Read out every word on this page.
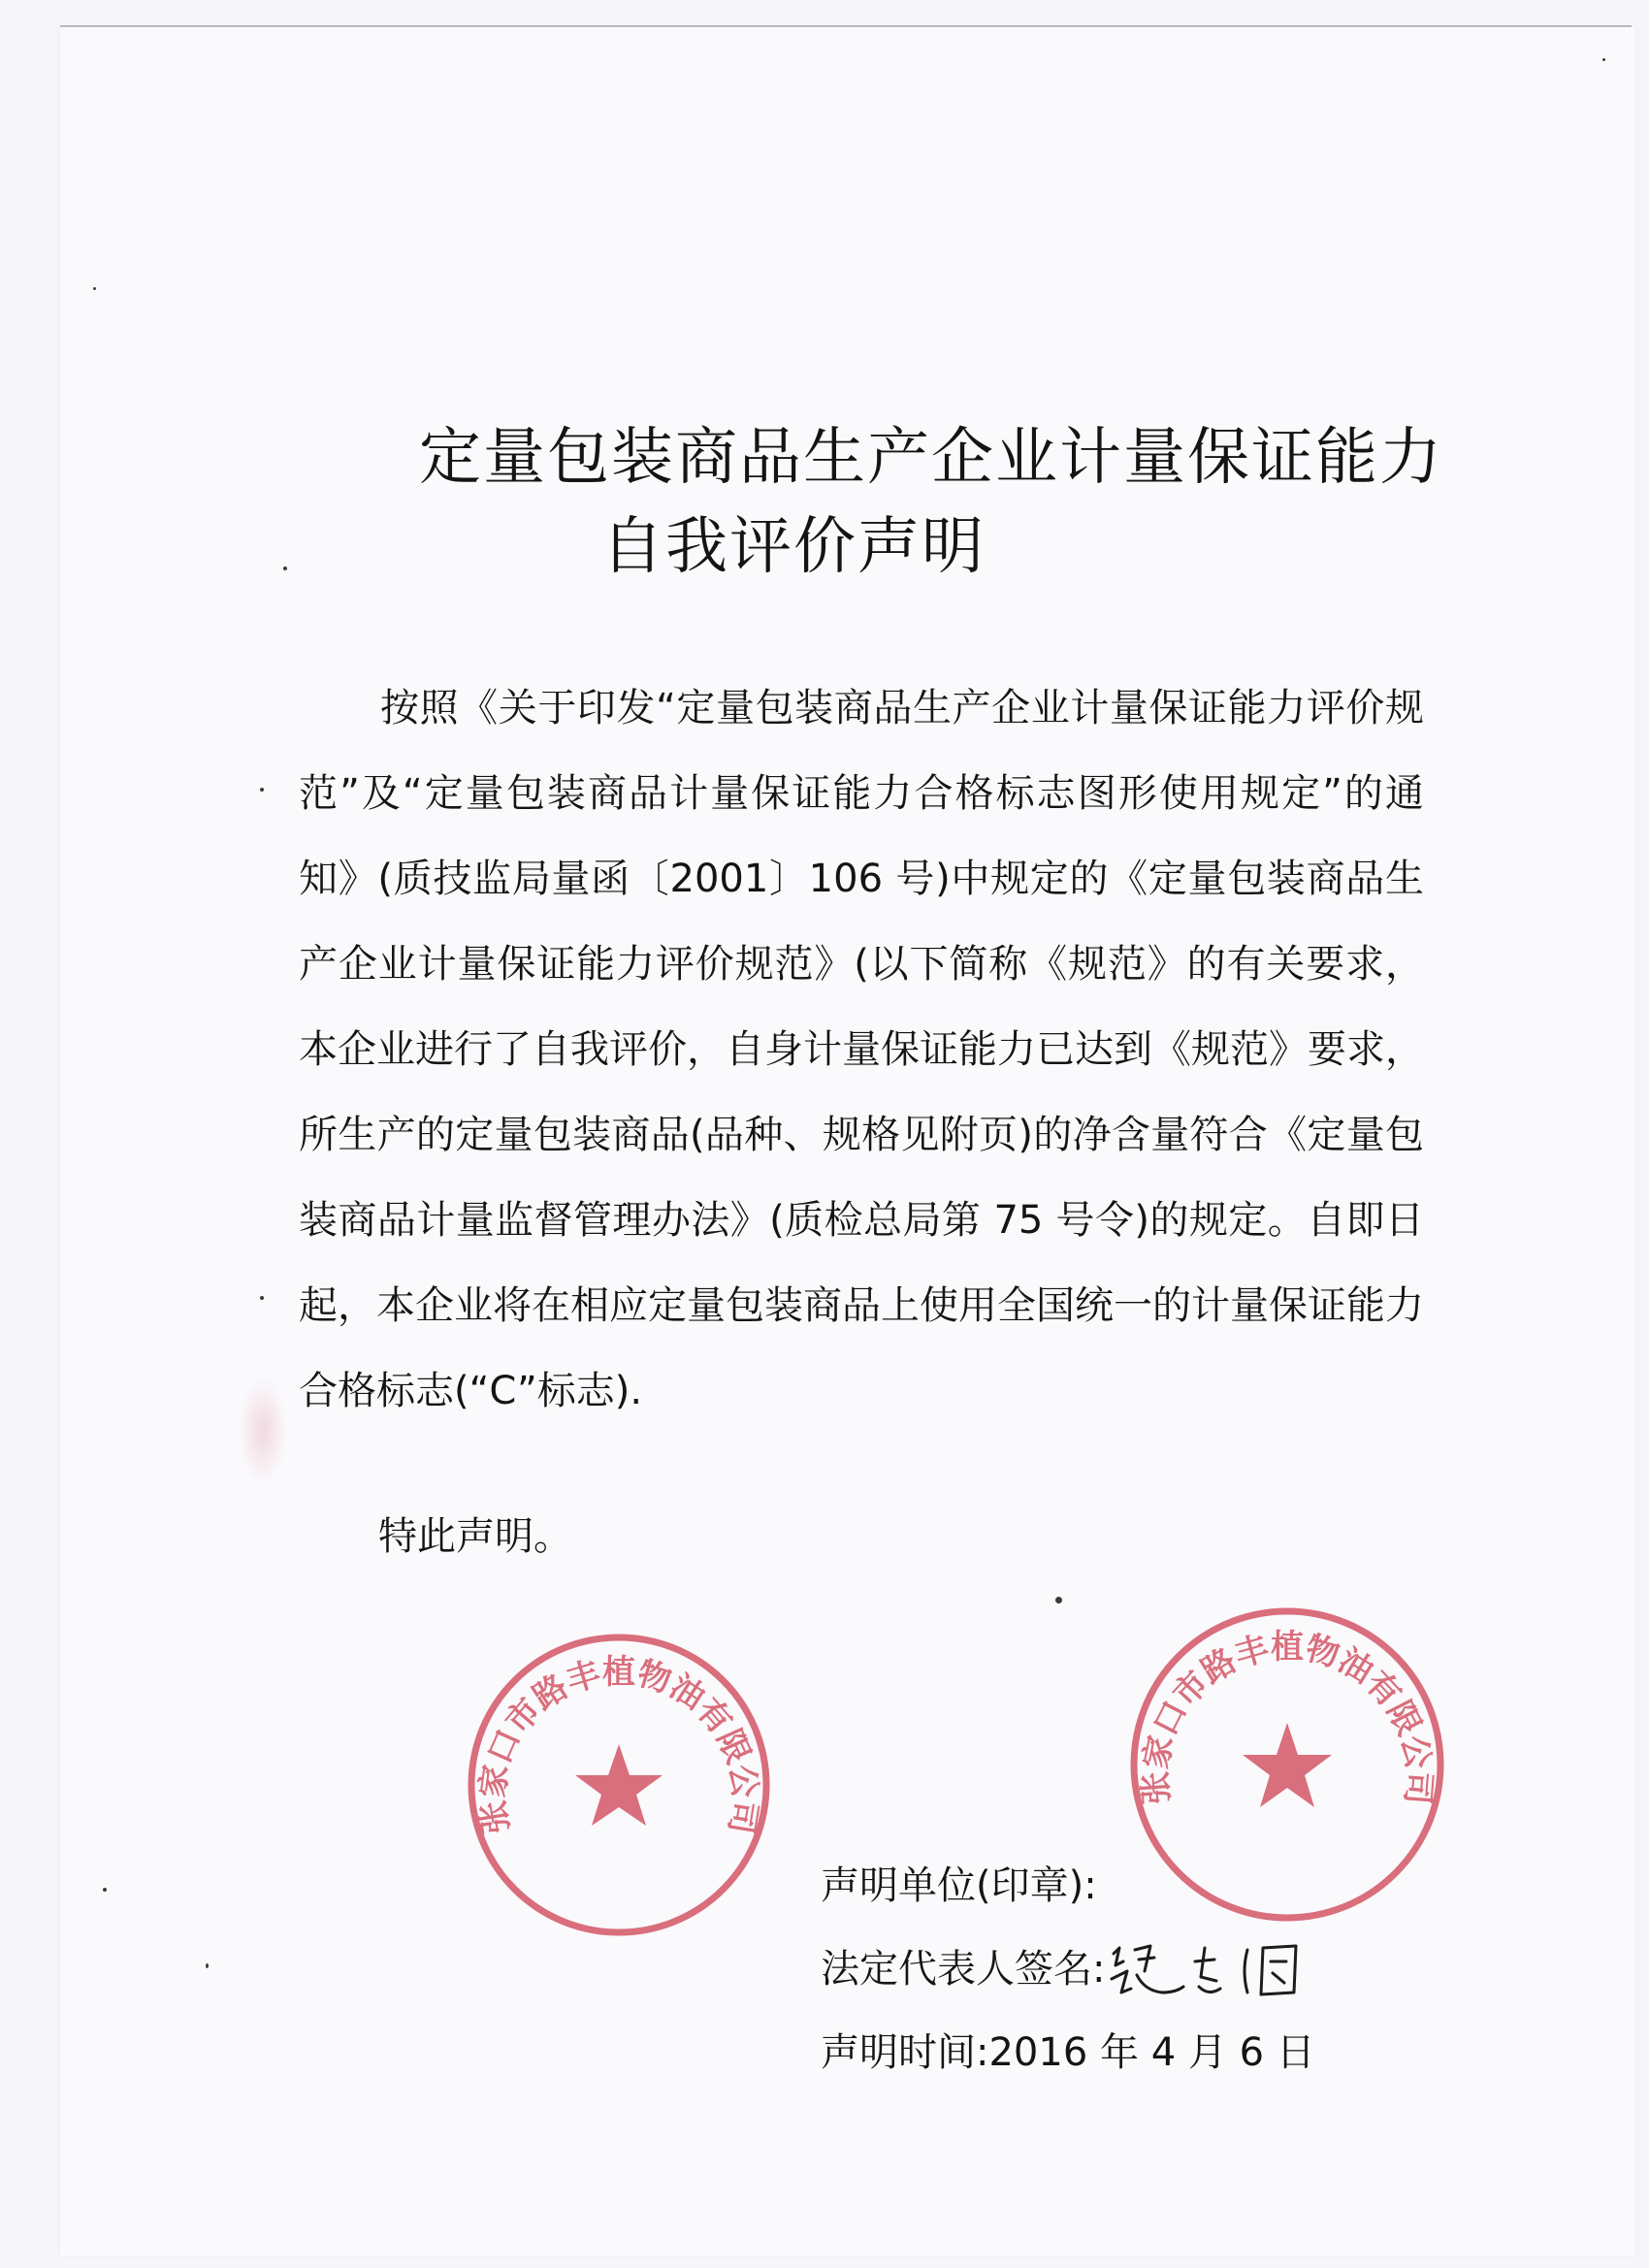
定量包装商品生产企业计量保证能力
自我评价声明

按照《关于印发“定量包装商品生产企业计量保证能力评价规范”及“定量包装商品计量保证能力合格标志图形使用规定”的通知》(质技监局量函〔2001〕106 号)中规定的《定量包装商品生产企业计量保证能力评价规范》(以下简称《规范》的有关要求，本企业进行了自我评价，自身计量保证能力已达到《规范》要求，所生产的定量包装商品(品种、规格见附页)的净含量符合《定量包装商品计量监督管理办法》(质检总局第 75 号令)的规定。自即日起，本企业将在相应定量包装商品上使用全国统一的计量保证能力合格标志(“C”标志).

特此声明。

张家口市路丰植物油有限公司
张家口市路丰植物油有限公司

声明单位(印章):

法定代表人签名:

声明时间:2016 年 4 月 6 日
